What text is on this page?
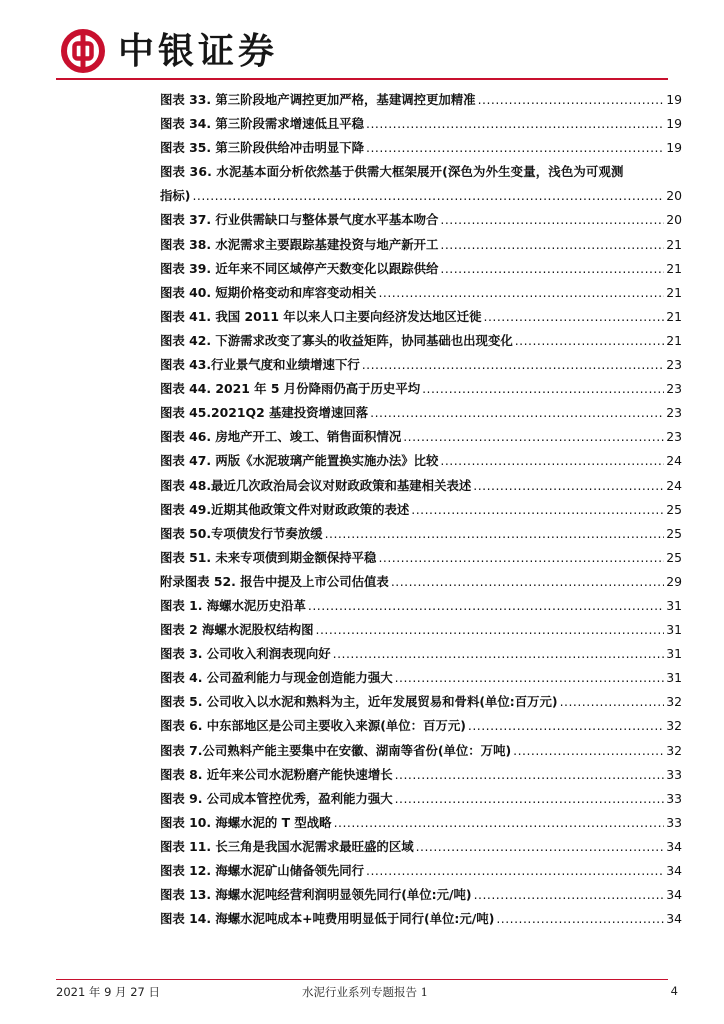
中银证券
图表 33. 第三阶段地产调控更加严格，基建调控更加精准 .....	19
图表 34. 第三阶段需求增速低且平稳 .....	19
图表 35. 第三阶段供给冲击明显下降 .....	19
图表 36. 水泥基本面分析依然基于供需大框架展开(深色为外生变量，浅色为可观测
指标) .....	20
图表 37. 行业供需缺口与整体景气度水平基本吻合 .....	20
图表 38. 水泥需求主要跟踪基建投资与地产新开工 .....	21
图表 39. 近年来不同区域停产天数变化以跟踪供给 .....	21
图表 40. 短期价格变动和库容变动相关 .....	21
图表 41. 我国 2011 年以来人口主要向经济发达地区迁徙 .....	21
图表 42. 下游需求改变了寡头的收益矩阵，协同基础也出现变化 .....	21
图表 43.行业景气度和业绩增速下行 .....	23
图表 44. 2021 年 5 月份降雨仍高于历史平均 .....	23
图表 45.2021Q2 基建投资增速回落 .....	23
图表 46. 房地产开工、竣工、销售面积情况 .....	23
图表 47. 两版《水泥玻璃产能置换实施办法》比较 .....	24
图表 48.最近几次政治局会议对财政政策和基建相关表述 .....	24
图表 49.近期其他政策文件对财政政策的表述 .....	25
图表 50.专项债发行节奏放缓 .....	25
图表 51. 未来专项债到期金额保持平稳 .....	25
附录图表 52. 报告中提及上市公司估值表 .....	29
图表 1. 海螺水泥历史沿革 .....	31
图表 2 海螺水泥股权结构图 .....	31
图表 3. 公司收入利润表现向好 .....	31
图表 4. 公司盈利能力与现金创造能力强大 .....	31
图表 5. 公司收入以水泥和熟料为主，近年发展贸易和骨料(单位:百万元) .....	32
图表 6. 中东部地区是公司主要收入来源(单位：百万元) .....	32
图表 7.公司熟料产能主要集中在安徽、湖南等省份(单位：万吨) .....	32
图表 8. 近年来公司水泥粉磨产能快速增长 .....	33
图表 9. 公司成本管控优秀，盈利能力强大 .....	33
图表 10. 海螺水泥的 T 型战略 .....	33
图表 11. 长三角是我国水泥需求最旺盛的区域 .....	34
图表 12. 海螺水泥矿山储备领先同行 .....	34
图表 13. 海螺水泥吨经营利润明显领先同行(单位:元/吨) .....	34
图表 14. 海螺水泥吨成本+吨费用明显低于同行(单位:元/吨) .....	34
2021 年 9 月 27 日	水泥行业系列专题报告 1	4
